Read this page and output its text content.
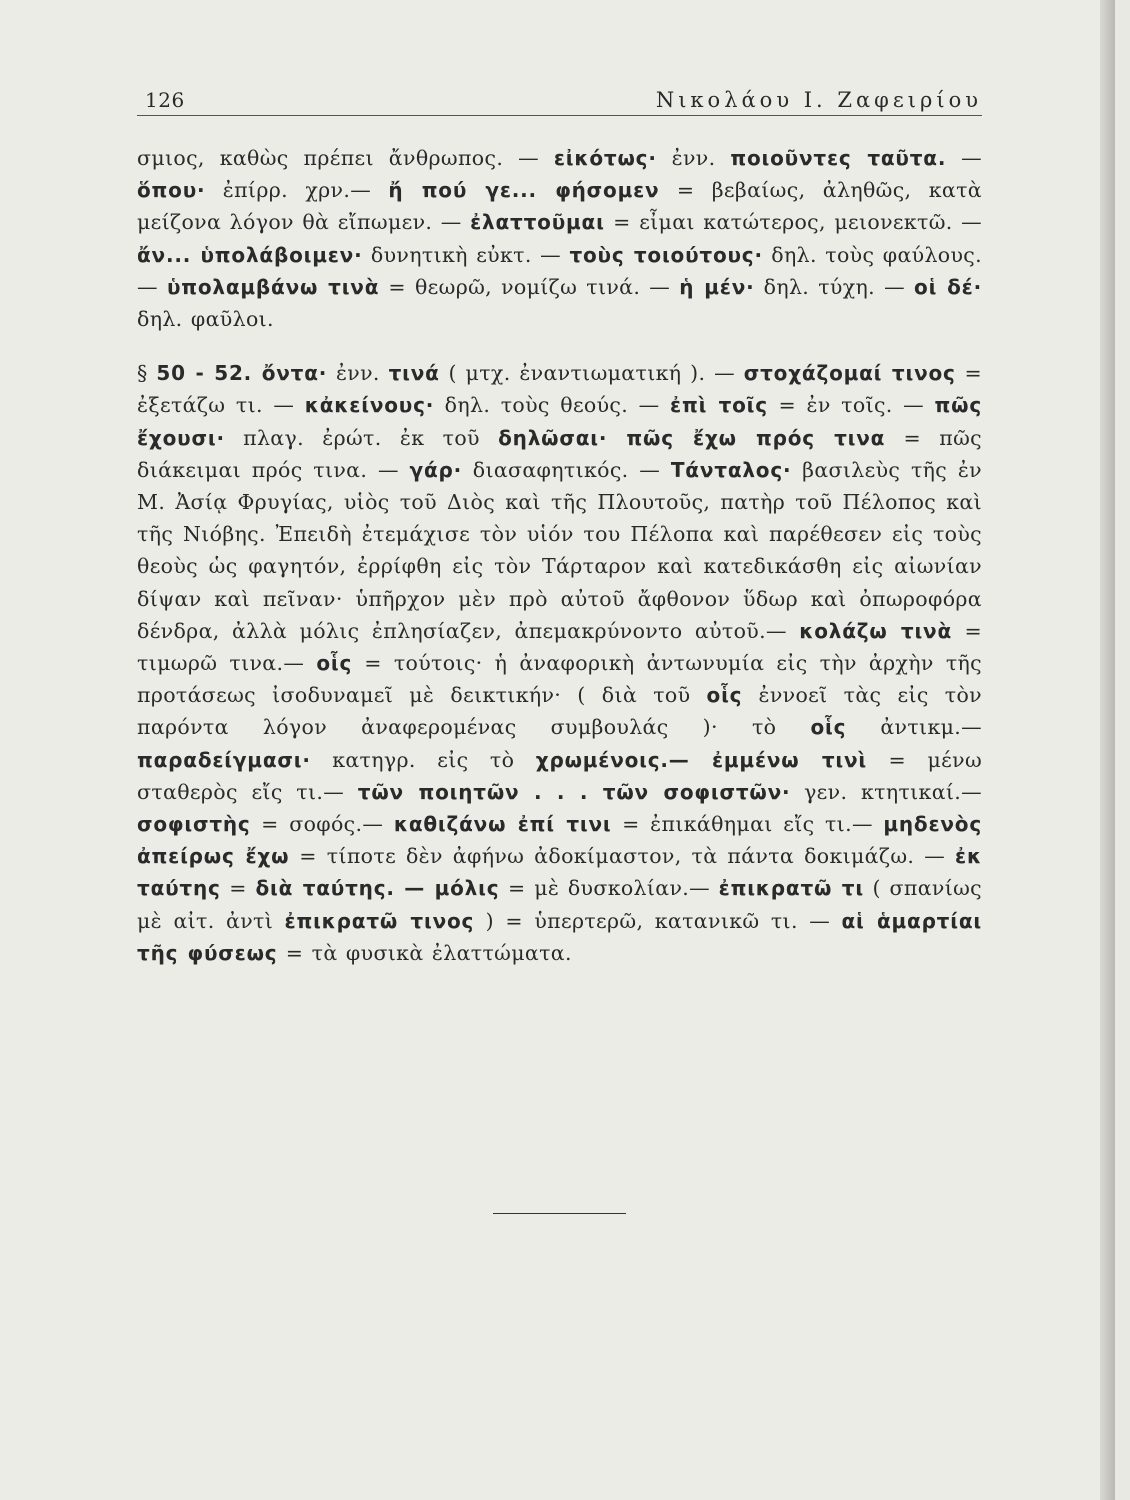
126	Νικολάου Ι. Ζαφειρίου

σμιος, καθὼς πρέπει ἄνθρωπος. — εἰκότως· ἐνν. ποιοῦντες ταῦτα. — ὅπου· ἐπίρρ. χρν.— ἤ πού γε... φήσομεν = βεβαίως, ἀληθῶς, κατὰ μείζονα λόγον θὰ εἴπωμεν. — ἐλαττοῦμαι = εἶμαι κατώτερος, μειονεκτῶ. — ἄν... ὑπολάβοιμεν· δυνητικὴ εὐκτ. — τοὺς τοιούτους· δηλ. τοὺς φαύλους.— ὑπολαμβάνω τινὰ = θεωρῶ, νομίζω τινά. — ἡ μέν· δηλ. τύχη. — οἱ δέ· δηλ. φαῦλοι.

§ 50 - 52. ὄντα· ἐνν. τινά ( μτχ. ἐναντιωματική ). — στοχάζομαί τινος = ἐξετάζω τι. — κἀκείνους· δηλ. τοὺς θεούς. — ἐπὶ τοῖς = ἐν τοῖς. — πῶς ἔχουσι· πλαγ. ἐρώτ. ἐκ τοῦ δηλῶσαι· πῶς ἔχω πρός τινα = πῶς διάκειμαι πρός τινα. — γάρ· διασαφητικός. — Τάνταλος· βασιλεὺς τῆς ἐν Μ. Ἀσίᾳ Φρυγίας, υἱὸς τοῦ Διὸς καὶ τῆς Πλουτοῦς, πατὴρ τοῦ Πέλοπος καὶ τῆς Νιόβης. Ἐπειδὴ ἐτεμάχισε τὸν υἱόν του Πέλοπα καὶ παρέθεσεν εἰς τοὺς θεοὺς ὡς φαγητόν, ἐρρίφθη εἰς τὸν Τάρταρον καὶ κατεδικάσθη εἰς αἰωνίαν δίψαν καὶ πεῖναν· ὑπῆρχον μὲν πρὸ αὐτοῦ ἄφθονον ὕδωρ καὶ ὀπωροφόρα δένδρα, ἀλλὰ μόλις ἐπλησίαζεν, ἀπεμακρύνοντο αὐτοῦ.— κολάζω τινὰ = τιμωρῶ τινα.— οἷς = τούτοις· ἡ ἀναφορικὴ ἀντωνυμία εἰς τὴν ἀρχὴν τῆς προτάσεως ἰσοδυναμεῖ μὲ δεικτικήν· ( διὰ τοῦ οἷς ἐννοεῖ τὰς εἰς τὸν παρόντα λόγον ἀναφερομένας συμβουλάς )· τὸ οἷς ἀντικμ.— παραδείγμασι· κατηγρ. εἰς τὸ χρωμένοις.— ἐμμένω τινὶ = μένω σταθερὸς εἴς τι.— τῶν ποιητῶν . . . τῶν σοφιστῶν· γεν. κτητικαί.— σοφιστὴς = σοφός.— καθιζάνω ἐπί τινι = ἐπικάθημαι εἴς τι.— μηδενὸς ἀπείρως ἔχω = τίποτε δὲν ἀφήνω ἀδοκίμαστον, τὰ πάντα δοκιμάζω. — ἐκ ταύτης = διὰ ταύτης. — μόλις = μὲ δυσκολίαν.— ἐπικρατῶ τι ( σπανίως μὲ αἰτ. ἀντὶ ἐπικρατῶ τινος ) = ὑπερτερῶ, κατανικῶ τι. — αἱ ἁμαρτίαι τῆς φύσεως = τὰ φυσικὰ ἐλαττώματα.
